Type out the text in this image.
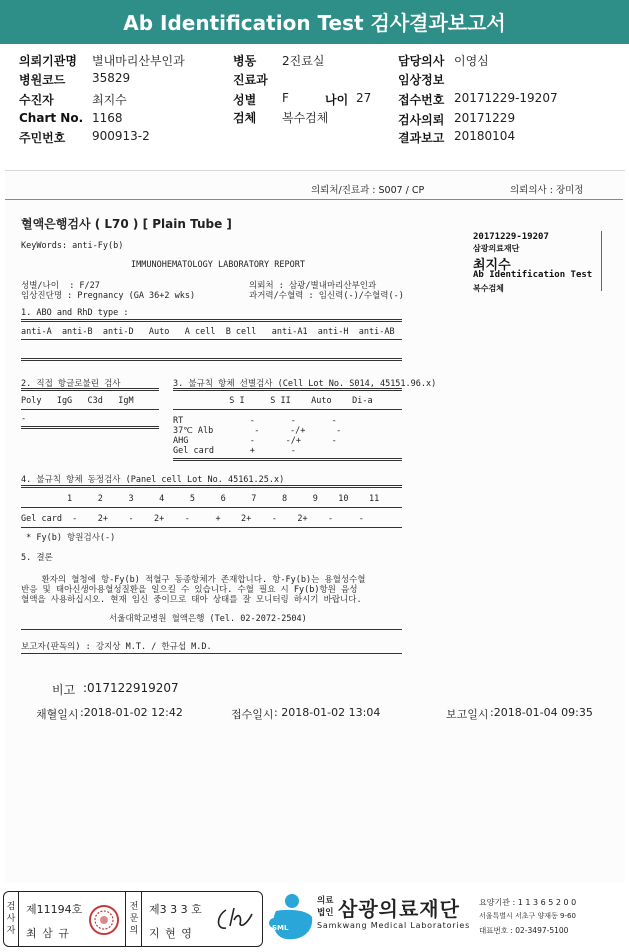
Ab Identification Test 검사결과보고서
의뢰기관명 별내마리산부인과
병원코드 35829
수진자	최지수
Chart No. 1168
주민번호 900913-2
병동 2진료실
진료과
성별 F	나이 27
검체 복수검체
담당의사 이영심
임상정보
접수번호 20171229-19207
검사의뢰 20171229
결과보고 20180104
의뢰처/진료과 : S007 / CP	의뢰의사 : 장미정
혈액은행검사 ( L70 ) [ Plain Tube ]
KeyWords: anti-Fy(b)
IMMUNOHEMATOLOGY LABORATORY REPORT
20171229-19207
삼광의료재단
최지수
Ab Identification Test
복수검체
성별/나이  : F/27
임상진단명 : Pregnancy (GA 36+2 wks)
의뢰처 : 삼광/별내마리산부인과
과거력/수혈력 : 임신력(-)/수혈력(-)
1. ABO and RhD type :
anti-A  anti-B  anti-D   Auto   A cell  B cell   anti-A1  anti-H  anti-AB
2. 직접 항글로불린 검사
Poly   IgG   C3d   IgM
-
3. 불규칙 항체 선별검사 (Cell Lot No. S014, 45151.96.x)
S I     S II    Auto    Di-a
RT             -       -       -
37℃ Alb        -      -/+      -
AHG            -      -/+      -
Gel card       +       -
4. 불규칙 항체 동정검사 (Panel cell Lot No. 45161.25.x)
1     2     3     4     5     6     7     8     9    10    11
Gel card  -    2+    -    2+    -     +    2+    -    2+    -     -
* Fy(b) 항원검사(-)
5. 결론
환자의 혈청에 항-Fy(b) 적혈구 동종항체가 존재합니다. 항-Fy(b)는 용혈성수혈
반응 및 태아신생아용혈성질환을 일으킬 수 있습니다. 수혈 필요 시 Fy(b)항원 음성
혈액을 사용하십시오. 현재 임신 중이므로 태아 상태를 잘 모니터링 하시기 바랍니다.
서울대학교병원 혈액은행 (Tel. 02-2072-2504)
보고자(판독의) : 강지상 M.T. / 한규섭 M.D.
비고 :017122919207
채혈일시 :2018-01-02 12:42	접수일시 : 2018-01-02 13:04	보고일시 :2018-01-04 09:35
검사자
제11194호
최 삼 규
전문의
제3 3 3 호
지 현 영	SML
의료
법인 삼광의료재단
Samkwang Medical Laboratories
요양기관 : 1 1 3 6 5 2 0 0
서울특별시 서초구 양재동 9-60
대표번호 : 02-3497-5100
